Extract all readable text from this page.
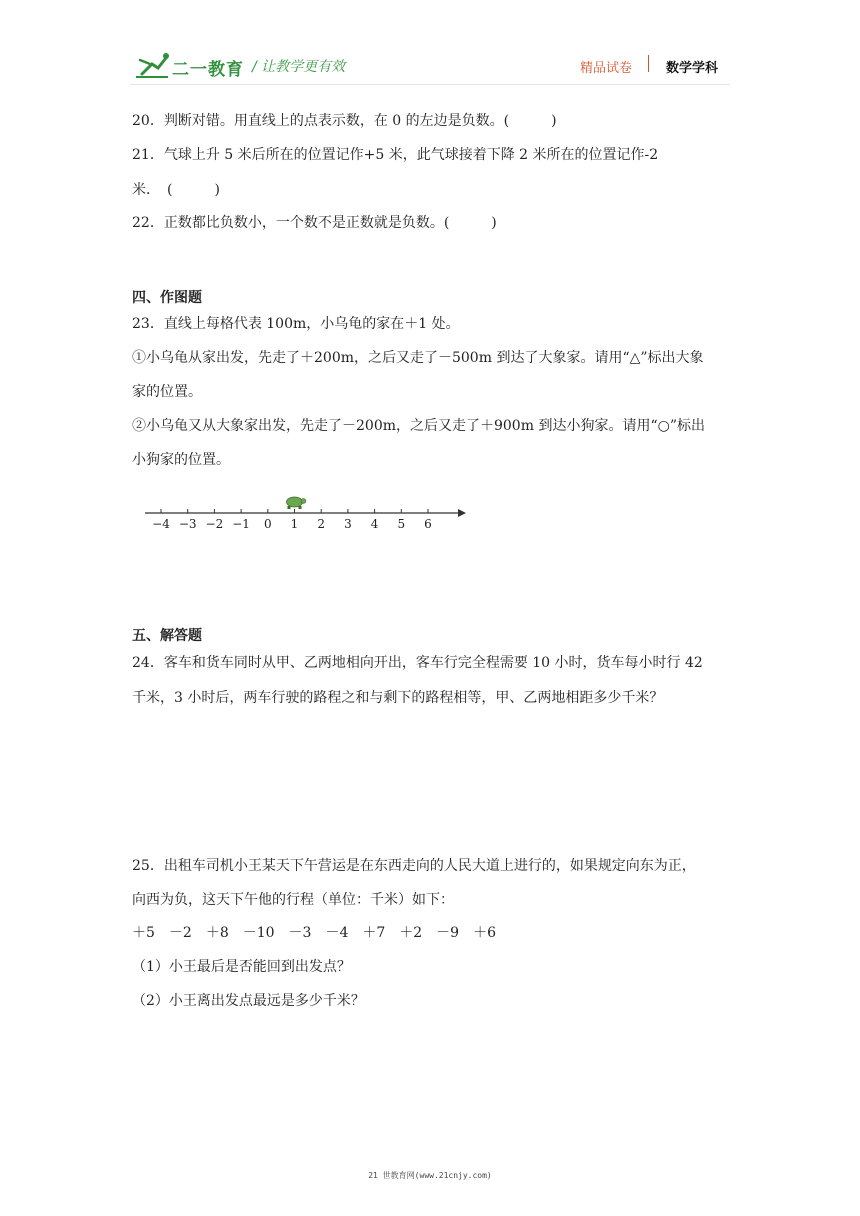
二一教育 / 让教学更有效	精品试卷	数学学科
20．判断对错。用直线上的点表示数，在 0 的左边是负数。(　　　)
21．气球上升 5 米后所在的位置记作+5 米，此气球接着下降 2 米所在的位置记作-2
米．　(　　　)
22．正数都比负数小，一个数不是正数就是负数。(　　　)
四、作图题
23．直线上每格代表 100m，小乌龟的家在＋1 处。
①小乌龟从家出发，先走了＋200m，之后又走了－500m 到达了大象家。请用“△”标出大象
家的位置。
②小乌龟又从大象家出发，先走了－200m，之后又走了＋900m 到达小狗家。请用“○”标出
小狗家的位置。
−4 −3 −2 −1 0 1 2 3 4 5 6
五、解答题
24．客车和货车同时从甲、乙两地相向开出，客车行完全程需要 10 小时，货车每小时行 42
千米，3 小时后，两车行驶的路程之和与剩下的路程相等，甲、乙两地相距多少千米？
25．出租车司机小王某天下午营运是在东西走向的人民大道上进行的，如果规定向东为正，
向西为负，这天下午他的行程（单位：千米）如下：
＋5　－2　＋8　－10　－3　－4　＋7　＋2　－9　＋6
（1）小王最后是否能回到出发点？
（2）小王离出发点最远是多少千米？
21 世教育网(www.21cnjy.com)
